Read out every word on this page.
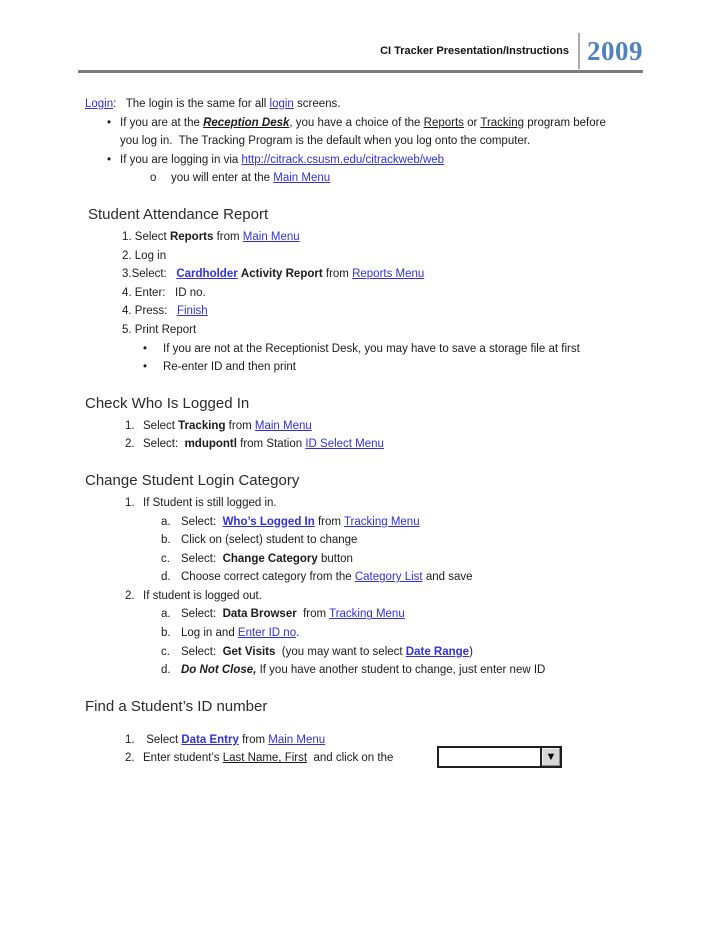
CI Tracker Presentation/Instructions 2009
Login:   The login is the same for all login screens.
• If you are at the Reception Desk, you have a choice of the Reports or Tracking program before
you log in.  The Tracking Program is the default when you log onto the computer.
• If you are logging in via http://citrack.csusm.edu/citrackweb/web
o	you will enter at the Main Menu
Student Attendance Report
1. Select Reports from Main Menu
2. Log in
3.Select:   Cardholder Activity Report from Reports Menu
4. Enter:   ID no.
4. Press:   Finish
5. Print Report
•	If you are not at the Receptionist Desk, you may have to save a storage file at first
•	Re-enter ID and then print
Check Who Is Logged In
1. Select Tracking from Main Menu
2. Select:  mdupontl from Station ID Select Menu
Change Student Login Category
1. If Student is still logged in.
a. Select:  Who’s Logged In from Tracking Menu
b. Click on (select) student to change
c. Select:  Change Category button
d. Choose correct category from the Category List and save
2. If student is logged out.
a. Select:  Data Browser  from Tracking Menu
b. Log in and Enter ID no.
c. Select:  Get Visits  (you may want to select Date Range)
d. Do Not Close, If you have another student to change, just enter new ID
Find a Student’s ID number
1. Select Data Entry from Main Menu
2. Enter student’s Last Name, First  and click on the	▼
